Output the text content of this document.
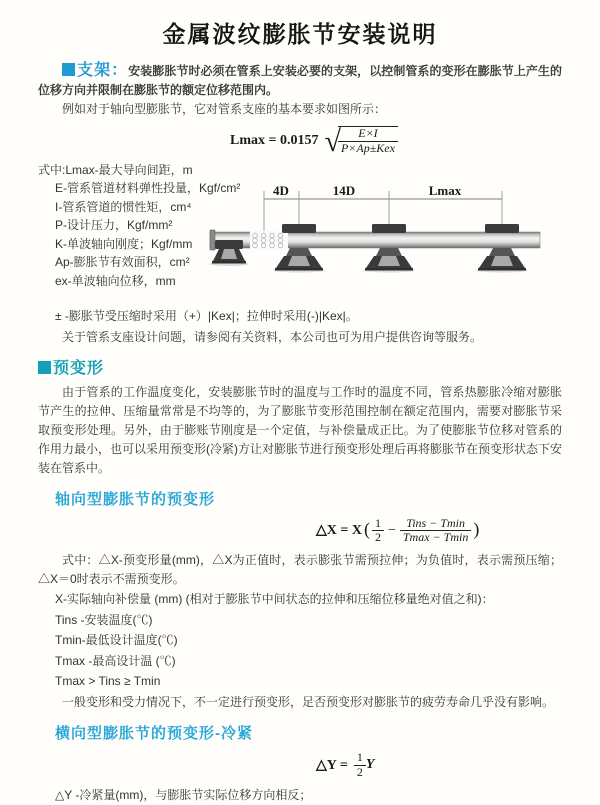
金属波纹膨胀节安装说明

支架：安装膨胀节时必须在管系上安装必要的支架，以控制管系的变形在膨胀节上产生的位移方向并限制在膨胀节的额定位移范围内。

例如对于轴向型膨胀节，它对管系支座的基本要求如图所示：

Lmax = 0.0157 √
$\frac{E\times I}{\text{P×Ap±Kex}}$
式中:Lmax-最大导向间距，m
E-管系管道材料弹性投量，Kgf/cm²
I-管系管道的惯性矩，cm⁴
P-设计压力，Kgf/mm²
K-单波轴向刚度；Kgf/mm
Ap-膨胀节有效面积，cm²
ex-单波轴向位移，mm
4D	14D	Lmax
± -膨胀节受压缩时采用（+）|Kex|；拉伸时采用(-)|Kex|。
关于管系支座设计问题，请参阅有关资料，本公司也可为用户提供咨询等服务。
预变形

由于管系的工作温度变化，安装膨胀节时的温度与工作时的温度不同，管系热膨胀冷缩对膨胀节产生的拉伸、压缩量常常是不均等的，为了膨胀节变形范围控制在额定范围内，需要对膨胀节采取预变形处理。另外，由于膨账节刚度是一个定值，与补偿量成正比。为了使膨胀节位移对管系的作用力最小，也可以采用预变形(冷紧)方让对膨胀节进行预变形处理后再将膨胀节在预变形状态下安装在管系中。

轴向型膨胀节的预变形
△X = X ( $\frac{1}{2} - \frac{\text{Tins − Tmin}}{Tmax - Tmin}$ )

式中：△X-预变形量(mm)，△X为正值时，表示膨张节需预拉伸；为负值时，表示需预压缩；△X＝0时表示不需预变形。

X-实际轴向补偿量 (mm) (相对于膨胀节中间状态的拉伸和压缩位移量绝对值之和)：
Tins -安装温度(℃)
Tmin-最低设计温度(℃)
Tmax -最高设计温 (℃)
Tmax > Tins ≥ Tmin
一般变形和受力情况下，不一定进行预变形，足否预变形对膨胀节的疲劳寿命几乎没有影响。
横向型膨胀节的预变形-冷紧
△Y = $\frac{1}{2}$ Y
△Y -冷紧量(mm)，与膨胀节实际位移方向相反；
